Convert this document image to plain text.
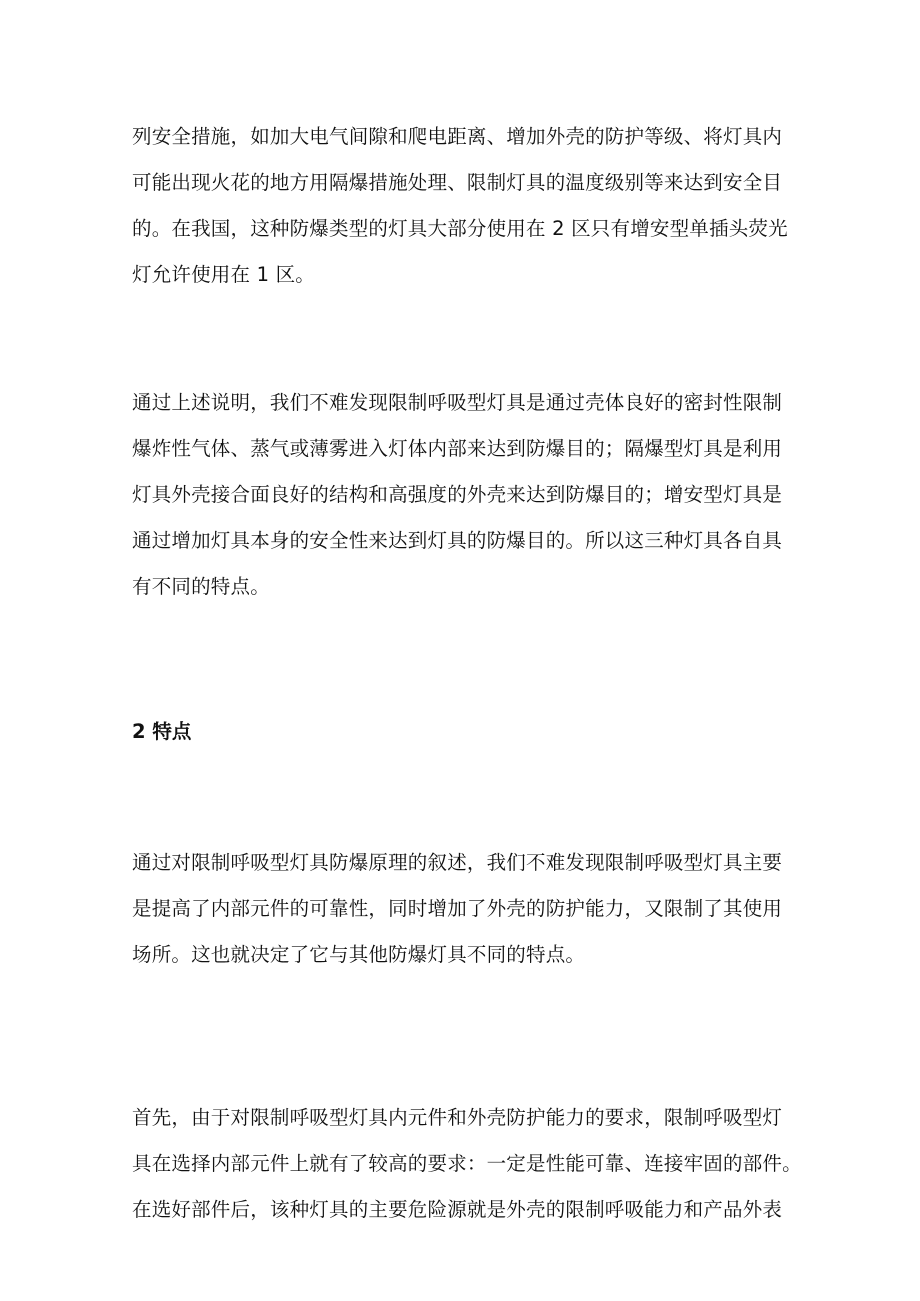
列安全措施，如加大电气间隙和爬电距离、增加外壳的防护等级、将灯具内
可能出现火花的地方用隔爆措施处理、限制灯具的温度级别等来达到安全目
的。在我国，这种防爆类型的灯具大部分使用在 2 区只有增安型单插头荧光
灯允许使用在 1 区。

通过上述说明，我们不难发现限制呼吸型灯具是通过壳体良好的密封性限制
爆炸性气体、蒸气或薄雾进入灯体内部来达到防爆目的；隔爆型灯具是利用
灯具外壳接合面良好的结构和高强度的外壳来达到防爆目的；增安型灯具是
通过增加灯具本身的安全性来达到灯具的防爆目的。所以这三种灯具各自具
有不同的特点。

2 特点

通过对限制呼吸型灯具防爆原理的叙述，我们不难发现限制呼吸型灯具主要
是提高了内部元件的可靠性，同时增加了外壳的防护能力，又限制了其使用
场所。这也就决定了它与其他防爆灯具不同的特点。

首先，由于对限制呼吸型灯具内元件和外壳防护能力的要求，限制呼吸型灯
具在选择内部元件上就有了较高的要求：一定是性能可靠、连接牢固的部件。
在选好部件后，该种灯具的主要危险源就是外壳的限制呼吸能力和产品外表
